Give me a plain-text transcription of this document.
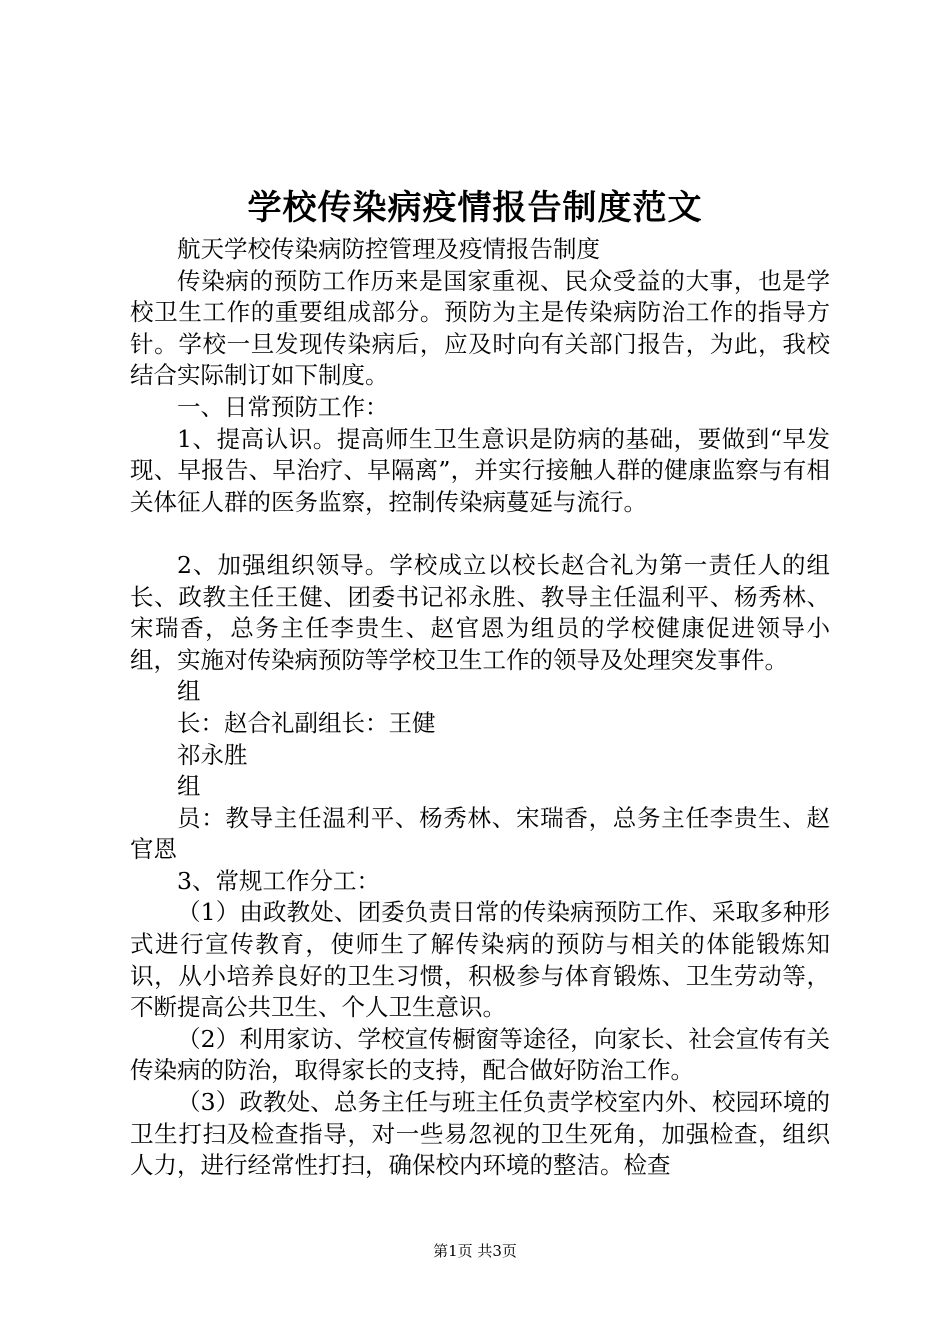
学校传染病疫情报告制度范文

航天学校传染病防控管理及疫情报告制度

传染病的预防工作历来是国家重视、民众受益的大事，也是学校卫生工作的重要组成部分。预防为主是传染病防治工作的指导方针。学校一旦发现传染病后，应及时向有关部门报告，为此，我校结合实际制订如下制度。

一、日常预防工作：

1、提高认识。提高师生卫生意识是防病的基础，要做到“早发现、早报告、早治疗、早隔离”，并实行接触人群的健康监察与有相关体征人群的医务监察，控制传染病蔓延与流行。

2、加强组织领导。学校成立以校长赵合礼为第一责任人的组长、政教主任王健、团委书记祁永胜、教导主任温利平、杨秀林、宋瑞香，总务主任李贵生、赵官恩为组员的学校健康促进领导小组，实施对传染病预防等学校卫生工作的领导及处理突发事件。

组

长：赵合礼副组长：王健

祁永胜

组

员：教导主任温利平、杨秀林、宋瑞香，总务主任李贵生、赵官恩

3、常规工作分工：

（1）由政教处、团委负责日常的传染病预防工作、采取多种形式进行宣传教育，使师生了解传染病的预防与相关的体能锻炼知识，从小培养良好的卫生习惯，积极参与体育锻炼、卫生劳动等，不断提高公共卫生、个人卫生意识。

（2）利用家访、学校宣传橱窗等途径，向家长、社会宣传有关传染病的防治，取得家长的支持，配合做好防治工作。

（3）政教处、总务主任与班主任负责学校室内外、校园环境的卫生打扫及检查指导，对一些易忽视的卫生死角，加强检查，组织人力，进行经常性打扫，确保校内环境的整洁。检查

第1页 共3页
